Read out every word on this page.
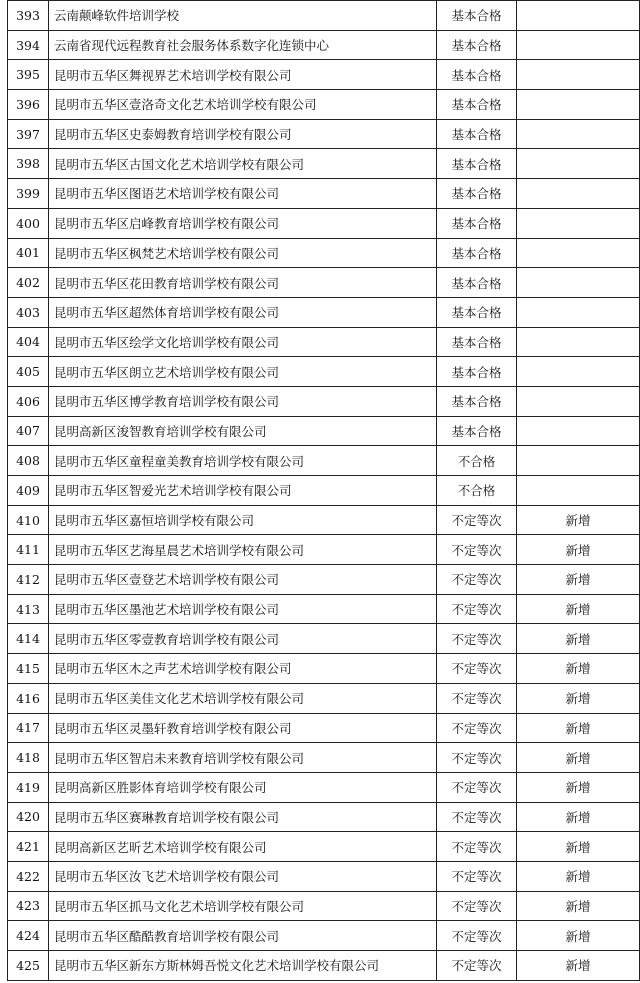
393	云南颠峰软件培训学校	基本合格	
394	云南省现代远程教育社会服务体系数字化连锁中心	基本合格	
395	昆明市五华区舞视界艺术培训学校有限公司	基本合格	
396	昆明市五华区壹洛奇文化艺术培训学校有限公司	基本合格	
397	昆明市五华区史泰姆教育培训学校有限公司	基本合格	
398	昆明市五华区古国文化艺术培训学校有限公司	基本合格	
399	昆明市五华区图语艺术培训学校有限公司	基本合格	
400	昆明市五华区启峰教育培训学校有限公司	基本合格	
401	昆明市五华区枫梵艺术培训学校有限公司	基本合格	
402	昆明市五华区花田教育培训学校有限公司	基本合格	
403	昆明市五华区超然体育培训学校有限公司	基本合格	
404	昆明市五华区绘学文化培训学校有限公司	基本合格	
405	昆明市五华区朗立艺术培训学校有限公司	基本合格	
406	昆明市五华区博学教育培训学校有限公司	基本合格	
407	昆明高新区浚智教育培训学校有限公司	基本合格	
408	昆明市五华区童程童美教育培训学校有限公司	不合格	
409	昆明市五华区智爱光艺术培训学校有限公司	不合格	
410	昆明市五华区嘉恒培训学校有限公司	不定等次	新增
411	昆明市五华区艺海星晨艺术培训学校有限公司	不定等次	新增
412	昆明市五华区壹登艺术培训学校有限公司	不定等次	新增
413	昆明市五华区墨池艺术培训学校有限公司	不定等次	新增
414	昆明市五华区零壹教育培训学校有限公司	不定等次	新增
415	昆明市五华区木之声艺术培训学校有限公司	不定等次	新增
416	昆明市五华区美佳文化艺术培训学校有限公司	不定等次	新增
417	昆明市五华区灵墨轩教育培训学校有限公司	不定等次	新增
418	昆明市五华区智启未来教育培训学校有限公司	不定等次	新增
419	昆明高新区胜影体育培训学校有限公司	不定等次	新增
420	昆明市五华区赛琳教育培训学校有限公司	不定等次	新增
421	昆明高新区艺昕艺术培训学校有限公司	不定等次	新增
422	昆明市五华区汝飞艺术培训学校有限公司	不定等次	新增
423	昆明市五华区抓马文化艺术培训学校有限公司	不定等次	新增
424	昆明市五华区酷酷教育培训学校有限公司	不定等次	新增
425	昆明市五华区新东方斯林姆吾悦文化艺术培训学校有限公司	不定等次	新增
